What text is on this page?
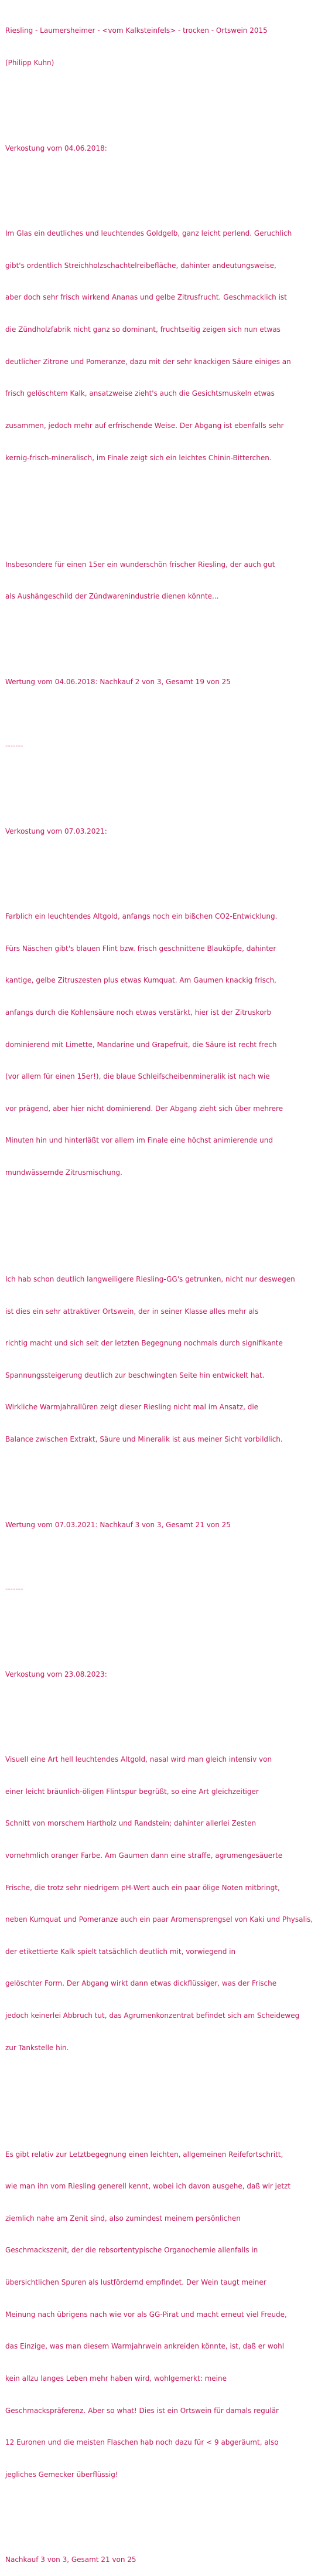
Riesling - Laumersheimer - <vom Kalksteinfels> - trocken - Ortswein 2015

(Philipp Kuhn)

Verkostung vom 04.06.2018:

Im Glas ein deutliches und leuchtendes Goldgelb, ganz leicht perlend. Geruchlich

gibt's ordentlich Streichholzschachtelreibefläche, dahinter andeutungsweise,

aber doch sehr frisch wirkend Ananas und gelbe Zitrusfrucht. Geschmacklich ist

die Zündholzfabrik nicht ganz so dominant, fruchtseitig zeigen sich nun etwas

deutlicher Zitrone und Pomeranze, dazu mit der sehr knackigen Säure einiges an

frisch gelöschtem Kalk, ansatzweise zieht's auch die Gesichtsmuskeln etwas

zusammen, jedoch mehr auf erfrischende Weise. Der Abgang ist ebenfalls sehr

kernig-frisch-mineralisch, im Finale zeigt sich ein leichtes Chinin-Bitterchen.

Insbesondere für einen 15er ein wunderschön frischer Riesling, der auch gut

als Aushängeschild der Zündwarenindustrie dienen könnte...

Wertung vom 04.06.2018: Nachkauf 2 von 3, Gesamt 19 von 25

-------

Verkostung vom 07.03.2021:

Farblich ein leuchtendes Altgold, anfangs noch ein bißchen CO2-Entwicklung.

Fürs Näschen gibt's blauen Flint bzw. frisch geschnittene Blauköpfe, dahinter

kantige, gelbe Zitruszesten plus etwas Kumquat. Am Gaumen knackig frisch,

anfangs durch die Kohlensäure noch etwas verstärkt, hier ist der Zitruskorb

dominierend mit Limette, Mandarine und Grapefruit, die Säure ist recht frech

(vor allem für einen 15er!), die blaue Schleifscheibenmineralik ist nach wie

vor prägend, aber hier nicht dominierend. Der Abgang zieht sich über mehrere

Minuten hin und hinterläßt vor allem im Finale eine höchst animierende und

mundwässernde Zitrusmischung.

Ich hab schon deutlich langweiligere Riesling-GG's getrunken, nicht nur deswegen

ist dies ein sehr attraktiver Ortswein, der in seiner Klasse alles mehr als

richtig macht und sich seit der letzten Begegnung nochmals durch signifikante

Spannungssteigerung deutlich zur beschwingten Seite hin entwickelt hat.

Wirkliche Warmjahrallüren zeigt dieser Riesling nicht mal im Ansatz, die

Balance zwischen Extrakt, Säure und Mineralik ist aus meiner Sicht vorbildlich.

Wertung vom 07.03.2021: Nachkauf 3 von 3, Gesamt 21 von 25

-------

Verkostung vom 23.08.2023:

Visuell eine Art hell leuchtendes Altgold, nasal wird man gleich intensiv von

einer leicht bräunlich-öligen Flintspur begrüßt, so eine Art gleichzeitiger

Schnitt von morschem Hartholz und Randstein; dahinter allerlei Zesten

vornehmlich oranger Farbe. Am Gaumen dann eine straffe, agrumengesäuerte

Frische, die trotz sehr niedrigem pH-Wert auch ein paar ölige Noten mitbringt,

neben Kumquat und Pomeranze auch ein paar Aromensprengsel von Kaki und Physalis,

der etikettierte Kalk spielt tatsächlich deutlich mit, vorwiegend in

gelöschter Form. Der Abgang wirkt dann etwas dickflüssiger, was der Frische

jedoch keinerlei Abbruch tut, das Agrumenkonzentrat befindet sich am Scheideweg

zur Tankstelle hin.

Es gibt relativ zur Letztbegegnung einen leichten, allgemeinen Reifefortschritt,

wie man ihn vom Riesling generell kennt, wobei ich davon ausgehe, daß wir jetzt

ziemlich nahe am Zenit sind, also zumindest meinem persönlichen

Geschmackszenit, der die rebsortentypische Organochemie allenfalls in

übersichtlichen Spuren als lustfördernd empfindet. Der Wein taugt meiner

Meinung nach übrigens nach wie vor als GG-Pirat und macht erneut viel Freude,

das Einzige, was man diesem Warmjahrwein ankreiden könnte, ist, daß er wohl

kein allzu langes Leben mehr haben wird, wohlgemerkt: meine

Geschmackspräferenz. Aber so what! Dies ist ein Ortswein für damals regulär

12 Euronen und die meisten Flaschen hab noch dazu für < 9 abgeräumt, also

jegliches Gemecker überflüssig!

Nachkauf 3 von 3, Gesamt 21 von 25
